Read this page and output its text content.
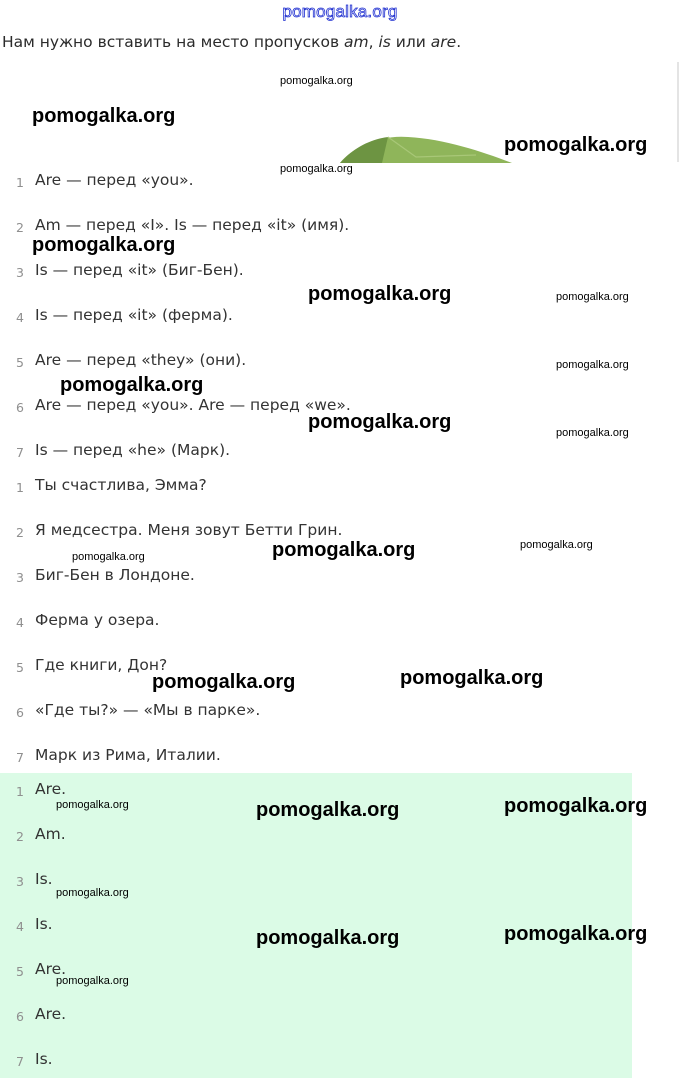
pomogalka.org
Нам нужно вставить на место пропусков am, is или are.
1 Are — перед «you».
2 Am — перед «I». Is — перед «it» (имя).
3 Is — перед «it» (Биг-Бен).
4 Is — перед «it» (ферма).
5 Are — перед «they» (они).
6 Are — перед «you». Are — перед «we».
7 Is — перед «he» (Марк).
1 Ты счастлива, Эмма?
2 Я медсестра. Меня зовут Бетти Грин.
3 Биг-Бен в Лондоне.
4 Ферма у озера.
5 Где книги, Дон?
6 «Где ты?» — «Мы в парке».
7 Марк из Рима, Италии.
1 Are.
2 Am.
3 Is.
4 Is.
5 Are.
6 Are.
7 Is.
pomogalka.org
pomogalka.org
pomogalka.org
pomogalka.org
pomogalka.org
pomogalka.org	pomogalka.org
pomogalka.org
pomogalka.org
pomogalka.org	pomogalka.org
pomogalka.org	pomogalka.org	pomogalka.org
pomogalka.org	pomogalka.org
pomogalka.org	pomogalka.org	pomogalka.org
pomogalka.org
pomogalka.org	pomogalka.org
pomogalka.org
